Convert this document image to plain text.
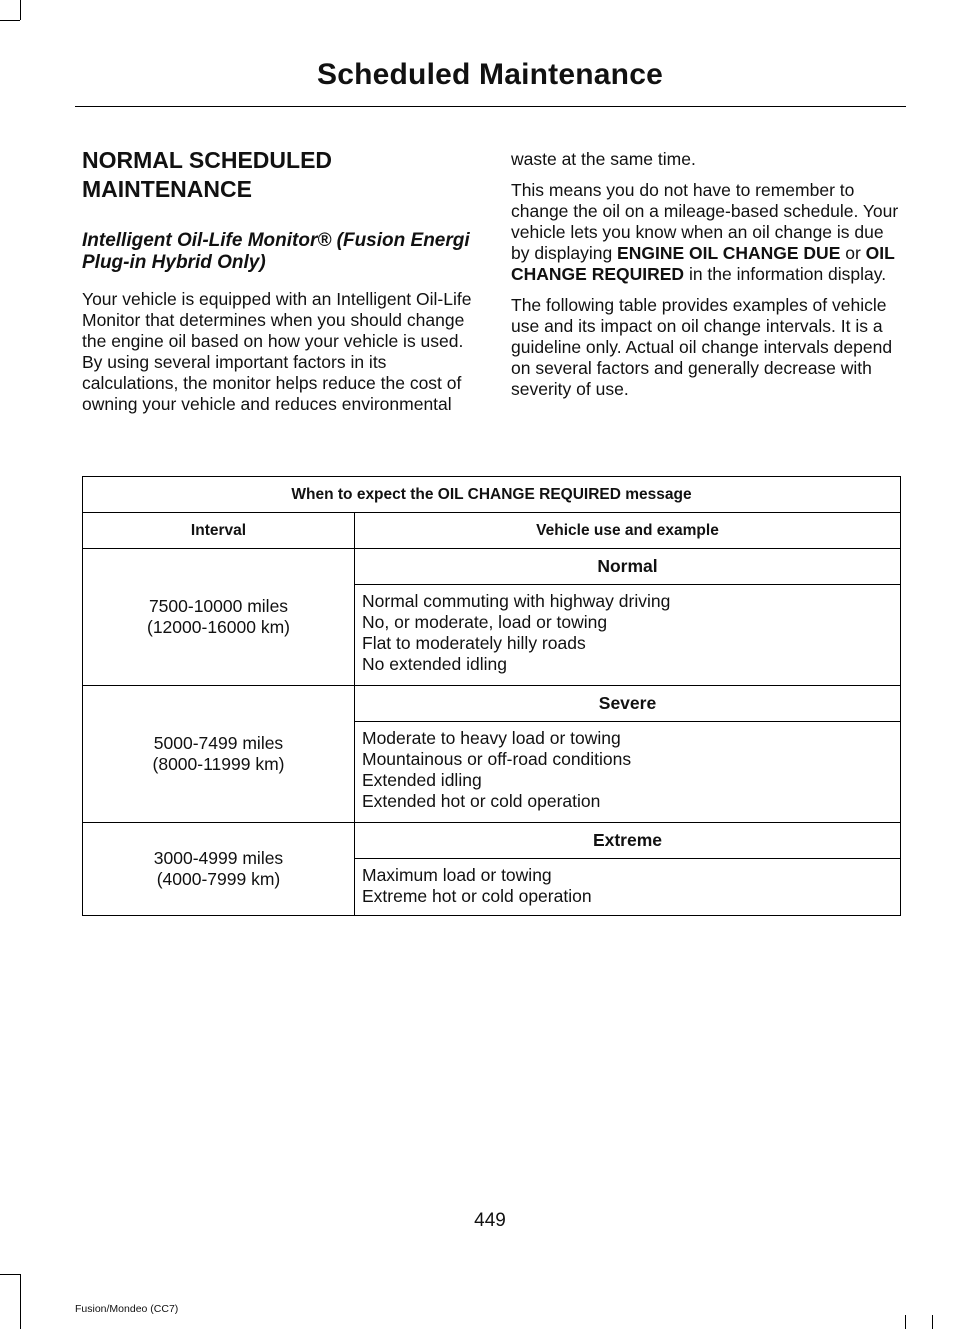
Scheduled Maintenance
NORMAL SCHEDULED MAINTENANCE
Intelligent Oil-Life Monitor® (Fusion Energi Plug-in Hybrid Only)

Your vehicle is equipped with an Intelligent Oil-Life Monitor that determines when you should change the engine oil based on how your vehicle is used. By using several important factors in its calculations, the monitor helps reduce the cost of owning your vehicle and reduces environmental

waste at the same time.

This means you do not have to remember to change the oil on a mileage-based schedule. Your vehicle lets you know when an oil change is due by displaying ENGINE OIL CHANGE DUE or OIL CHANGE REQUIRED in the information display.

The following table provides examples of vehicle use and its impact on oil change intervals. It is a guideline only. Actual oil change intervals depend on several factors and generally decrease with severity of use.

When to expect the OIL CHANGE REQUIRED message	
Interval	Vehicle use and example

7500-10000 miles
(12000-16000 km)	Normal

	Normal commuting with highway driving
No, or moderate, load or towing
Flat to moderately hilly roads
No extended idling

5000-7499 miles
(8000-11999 km)	Severe

	Moderate to heavy load or towing
Mountainous or off-road conditions
Extended idling
Extended hot or cold operation

3000-4999 miles
(4000-7999 km)	Extreme

	Maximum load or towing
Extreme hot or cold operation
449
Fusion/Mondeo (CC7)
